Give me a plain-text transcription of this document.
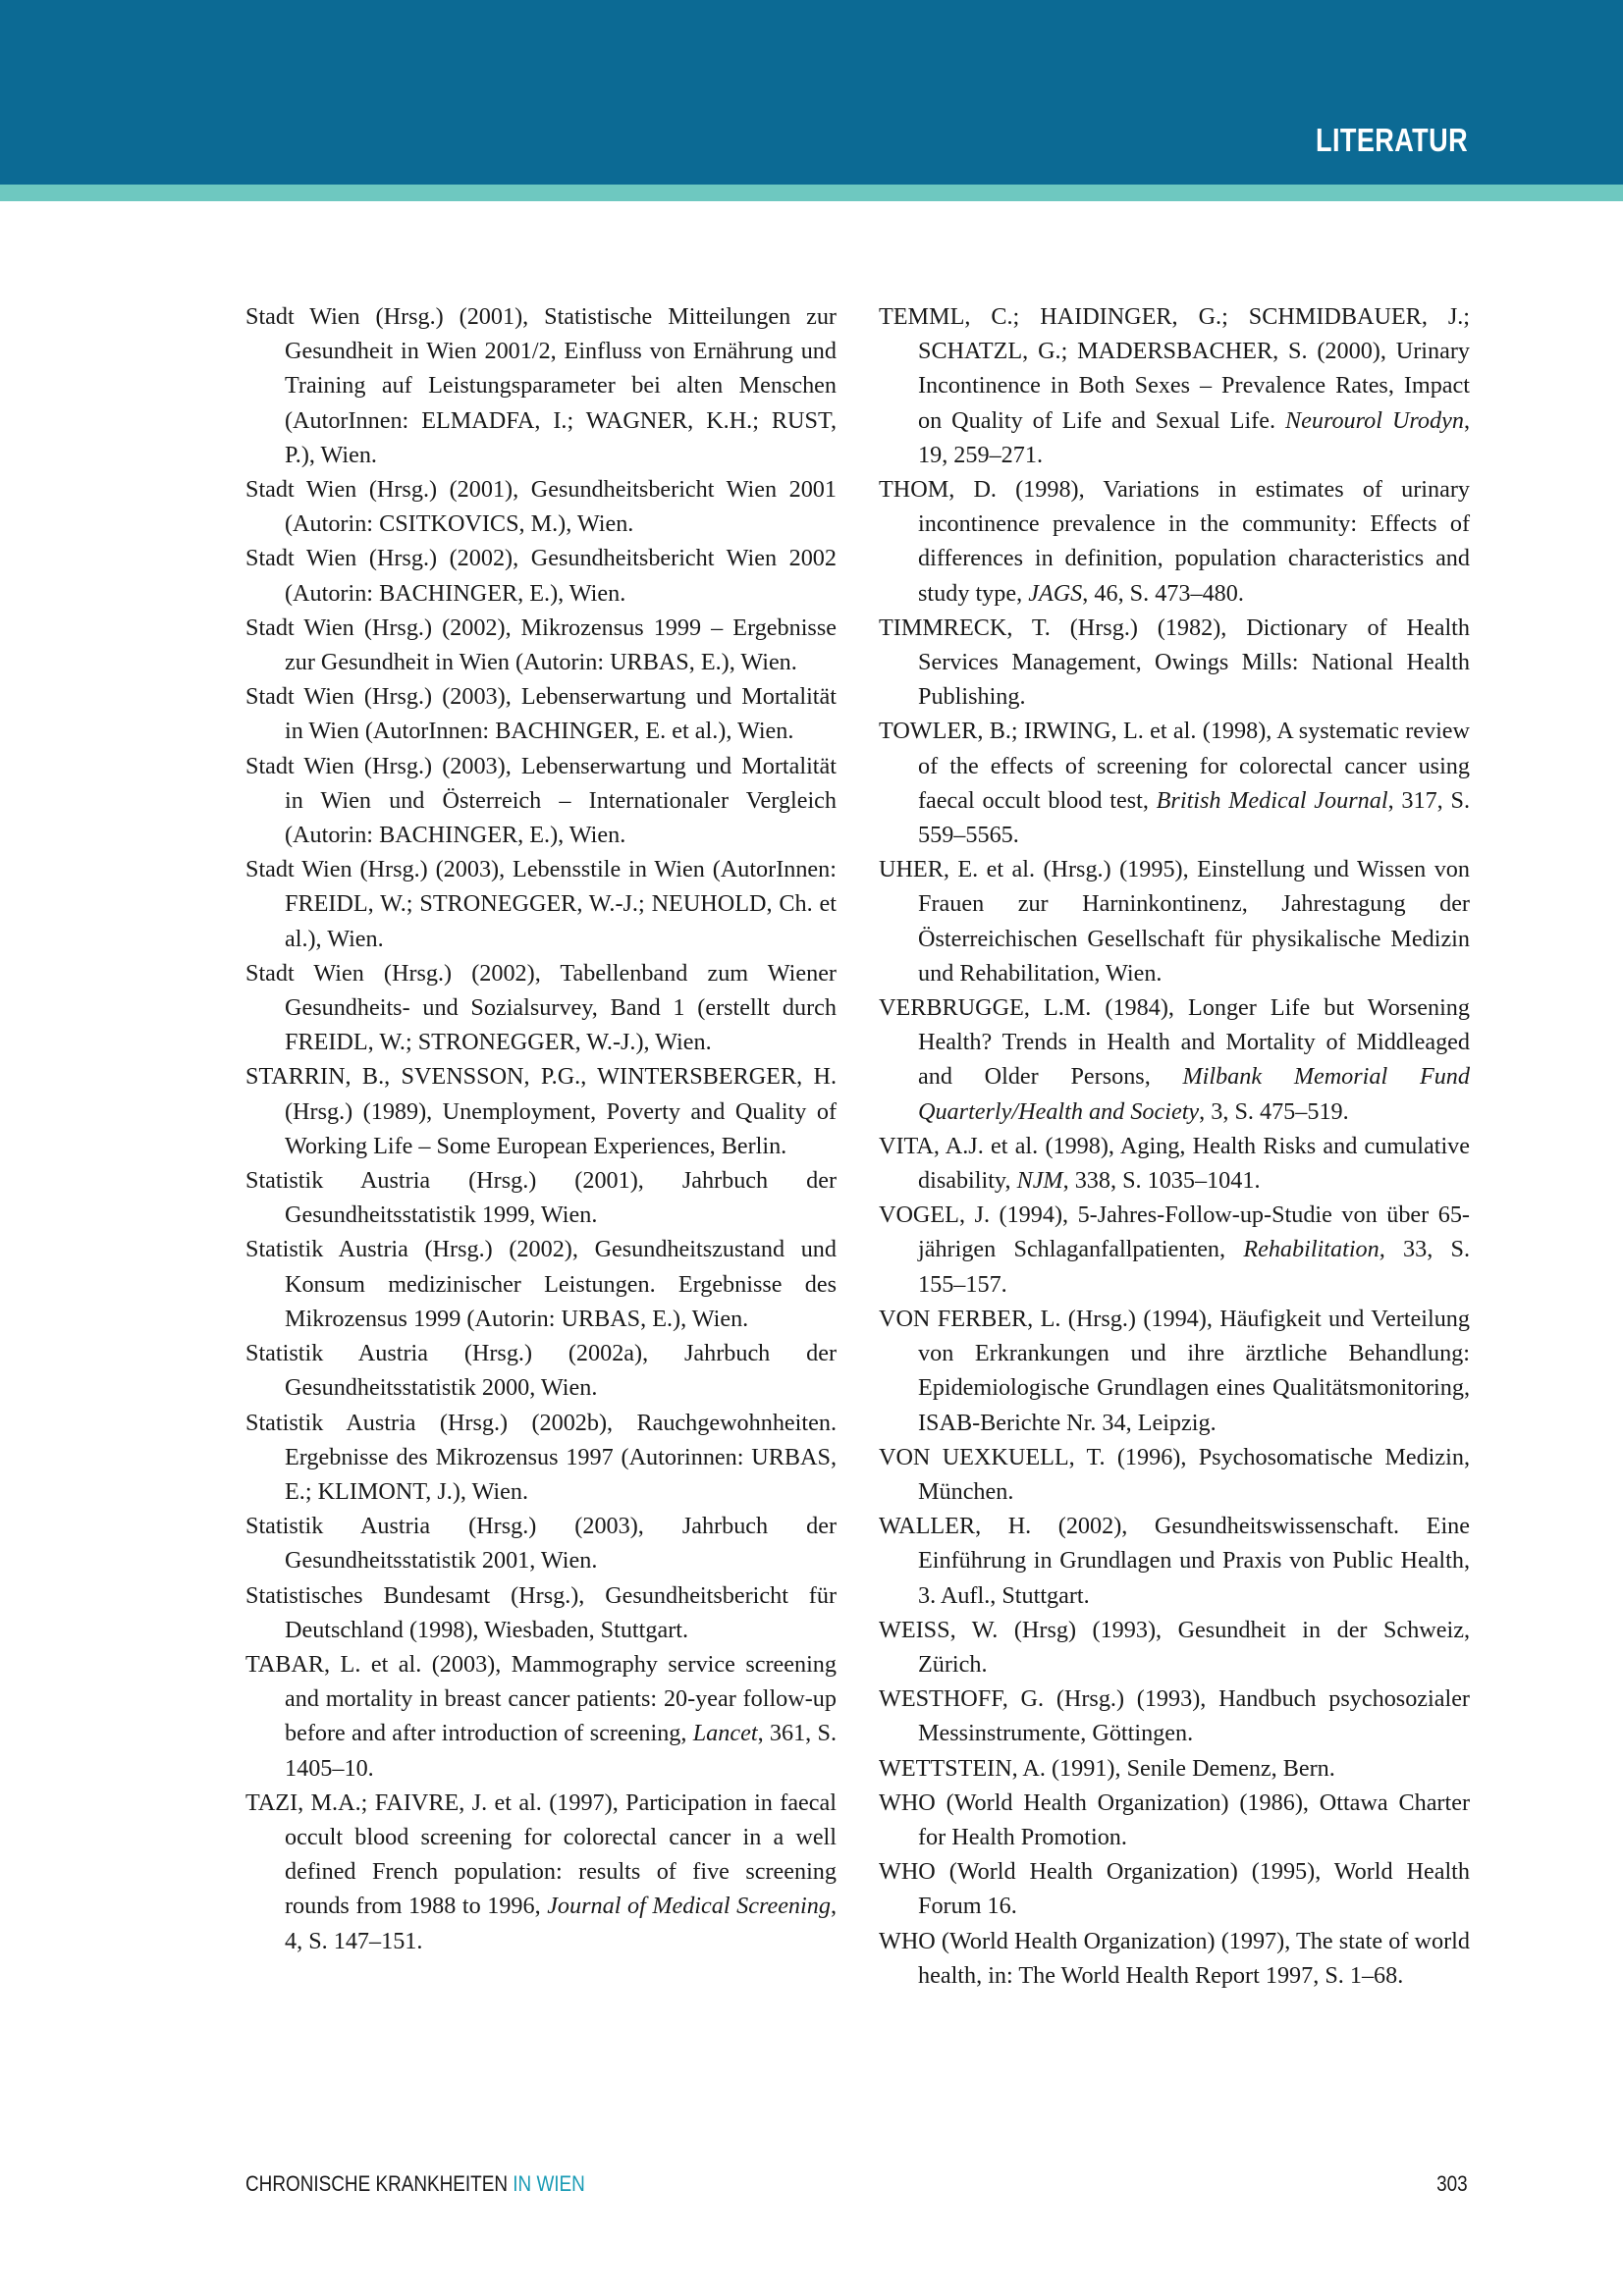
LITERATUR

Stadt Wien (Hrsg.) (2001), Statistische Mitteilungen zur Gesundheit in Wien 2001/2, Einfluss von Ernährung und Training auf Leistungsparameter bei alten Menschen (AutorInnen: ELMADFA, I.; WAGNER, K.H.; RUST, P.), Wien.

Stadt Wien (Hrsg.) (2001), Gesundheitsbericht Wien 2001 (Autorin: CSITKOVICS, M.), Wien.

Stadt Wien (Hrsg.) (2002), Gesundheitsbericht Wien 2002 (Autorin: BACHINGER, E.), Wien.

Stadt Wien (Hrsg.) (2002), Mikrozensus 1999 – Ergebnisse zur Gesundheit in Wien (Autorin: URBAS, E.), Wien.

Stadt Wien (Hrsg.) (2003), Lebenserwartung und Mortalität in Wien (AutorInnen: BACHINGER, E. et al.), Wien.

Stadt Wien (Hrsg.) (2003), Lebenserwartung und Mortalität in Wien und Österreich – Internationaler Vergleich (Autorin: BACHINGER, E.), Wien.

Stadt Wien (Hrsg.) (2003), Lebensstile in Wien (AutorInnen: FREIDL, W.; STRONEGGER, W.-J.; NEUHOLD, Ch. et al.), Wien.

Stadt Wien (Hrsg.) (2002), Tabellenband zum Wiener Gesundheits- und Sozialsurvey, Band 1 (erstellt durch FREIDL, W.; STRONEGGER, W.-J.), Wien.

STARRIN, B., SVENSSON, P.G., WINTERSBERGER, H. (Hrsg.) (1989), Unemployment, Poverty and Quality of Working Life – Some European Experiences, Berlin.

Statistik Austria (Hrsg.) (2001), Jahrbuch der Gesundheitsstatistik 1999, Wien.

Statistik Austria (Hrsg.) (2002), Gesundheitszustand und Konsum medizinischer Leistungen. Ergebnisse des Mikrozensus 1999 (Autorin: URBAS, E.), Wien.

Statistik Austria (Hrsg.) (2002a), Jahrbuch der Gesundheitsstatistik 2000, Wien.

Statistik Austria (Hrsg.) (2002b), Rauchgewohnheiten. Ergebnisse des Mikrozensus 1997 (Autorinnen: URBAS, E.; KLIMONT, J.), Wien.

Statistik Austria (Hrsg.) (2003), Jahrbuch der Gesundheitsstatistik 2001, Wien.

Statistisches Bundesamt (Hrsg.), Gesundheitsbericht für Deutschland (1998), Wiesbaden, Stuttgart.

TABAR, L. et al. (2003), Mammography service screening and mortality in breast cancer patients: 20-year follow-up before and after introduction of screening, Lancet, 361, S. 1405–10.

TAZI, M.A.; FAIVRE, J. et al. (1997), Participation in faecal occult blood screening for colorectal cancer in a well defined French population: results of five screening rounds from 1988 to 1996, Journal of Medical Screening, 4, S. 147–151.

TEMML, C.; HAIDINGER, G.; SCHMIDBAUER, J.; SCHATZL, G.; MADERSBACHER, S. (2000), Urinary Incontinence in Both Sexes – Prevalence Rates, Impact on Quality of Life and Sexual Life. Neurourol Urodyn, 19, 259–271.

THOM, D. (1998), Variations in estimates of urinary incontinence prevalence in the community: Effects of differences in definition, population characteristics and study type, JAGS, 46, S. 473–480.

TIMMRECK, T. (Hrsg.) (1982), Dictionary of Health Services Management, Owings Mills: National Health Publishing.

TOWLER, B.; IRWING, L. et al. (1998), A systematic review of the effects of screening for colorectal cancer using faecal occult blood test, British Medical Journal, 317, S. 559–5565.

UHER, E. et al. (Hrsg.) (1995), Einstellung und Wissen von Frauen zur Harninkontinenz, Jahrestagung der Österreichischen Gesellschaft für physikalische Medizin und Rehabilitation, Wien.

VERBRUGGE, L.M. (1984), Longer Life but Worsening Health? Trends in Health and Mortality of Middleaged and Older Persons, Milbank Memorial Fund Quarterly/Health and Society, 3, S. 475–519.

VITA, A.J. et al. (1998), Aging, Health Risks and cumulative disability, NJM, 338, S. 1035–1041.

VOGEL, J. (1994), 5-Jahres-Follow-up-Studie von über 65-jährigen Schlaganfallpatienten, Rehabilitation, 33, S. 155–157.

VON FERBER, L. (Hrsg.) (1994), Häufigkeit und Verteilung von Erkrankungen und ihre ärztliche Behandlung: Epidemiologische Grundlagen eines Qualitätsmonitoring, ISAB-Berichte Nr. 34, Leipzig.

VON UEXKUELL, T. (1996), Psychosomatische Medizin, München.

WALLER, H. (2002), Gesundheitswissenschaft. Eine Einführung in Grundlagen und Praxis von Public Health, 3. Aufl., Stuttgart.

WEISS, W. (Hrsg) (1993), Gesundheit in der Schweiz, Zürich.

WESTHOFF, G. (Hrsg.) (1993), Handbuch psychosozialer Messinstrumente, Göttingen.

WETTSTEIN, A. (1991), Senile Demenz, Bern.

WHO (World Health Organization) (1986), Ottawa Charter for Health Promotion.

WHO (World Health Organization) (1995), World Health Forum 16.

WHO (World Health Organization) (1997), The state of world health, in: The World Health Report 1997, S. 1–68.

CHRONISCHE KRANKHEITEN IN WIEN	303
